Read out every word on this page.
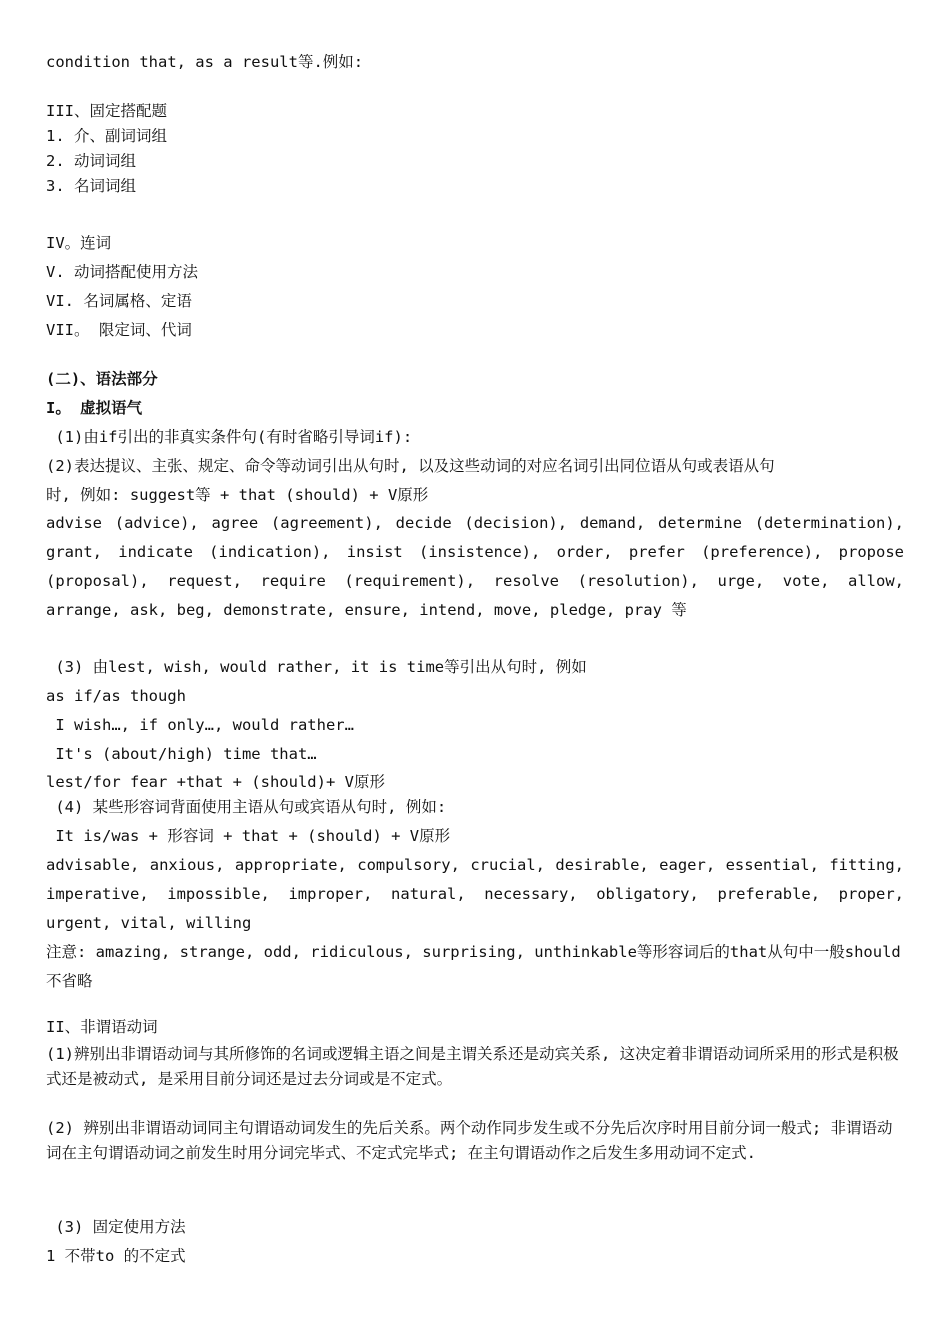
condition that, as a result等.例如:
III、固定搭配题
1. 介、副词词组
2. 动词词组
3. 名词词组
IV。连词
V. 动词搭配使用方法
VI. 名词属格、定语
VII。 限定词、代词
(二)、语法部分
I。 虚拟语气
(1)由if引出的非真实条件句(有时省略引导词if):
(2)表达提议、主张、规定、命令等动词引出从句时, 以及这些动词的对应名词引出同位语从句或表语从句
时, 例如: suggest等 + that (should) + V原形
advise (advice), agree (agreement), decide (decision), demand, determine (determination), grant, indicate (indication), insist (insistence), order, prefer (preference), propose (proposal), request, require (requirement), resolve (resolution), urge, vote, allow, arrange, ask, beg, demonstrate, ensure, intend, move, pledge, pray 等
(3) 由lest, wish, would rather, it is time等引出从句时, 例如
as if/as though
I wish…, if only…, would rather…
It's (about/high) time that…
lest/for fear +that + (should)+ V原形
(4) 某些形容词背面使用主语从句或宾语从句时, 例如:
It is/was + 形容词 + that + (should) + V原形
advisable, anxious, appropriate, compulsory, crucial, desirable, eager, essential, fitting, imperative, impossible, improper, natural, necessary, obligatory, preferable, proper, urgent, vital, willing
注意: amazing, strange, odd, ridiculous, surprising, unthinkable等形容词后的that从句中一般should不省略
II、非谓语动词
(1)辨别出非谓语动词与其所修饰的名词或逻辑主语之间是主谓关系还是动宾关系, 这决定着非谓语动词所采用的形式是积极式还是被动式, 是采用目前分词还是过去分词或是不定式。
(2) 辨别出非谓语动词同主句谓语动词发生的先后关系。两个动作同步发生或不分先后次序时用目前分词一般式; 非谓语动词在主句谓语动词之前发生时用分词完毕式、不定式完毕式; 在主句谓语动作之后发生多用动词不定式.
(3) 固定使用方法
1 不带to 的不定式
